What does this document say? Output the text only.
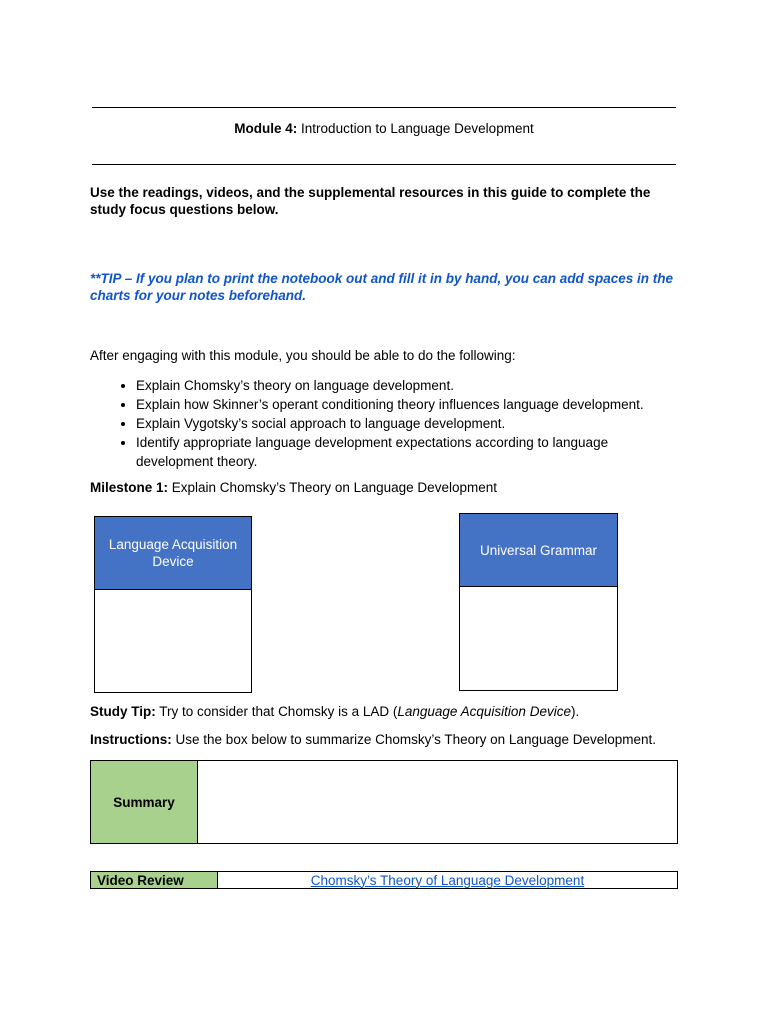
Module 4: Introduction to Language Development
Use the readings, videos, and the supplemental resources in this guide to complete the study focus questions below.
**TIP – If you plan to print the notebook out and fill it in by hand, you can add spaces in the charts for your notes beforehand.
After engaging with this module, you should be able to do the following:
• Explain Chomsky’s theory on language development.
• Explain how Skinner’s operant conditioning theory influences language development.
• Explain Vygotsky’s social approach to language development.
• Identify appropriate language development expectations according to language development theory.
Milestone 1: Explain Chomsky’s Theory on Language Development
Language Acquisition Device
Universal Grammar
Study Tip: Try to consider that Chomsky is a LAD (Language Acquisition Device).
Instructions: Use the box below to summarize Chomsky’s Theory on Language Development.
Summary	
Video Review	Chomsky’s Theory of Language Development
